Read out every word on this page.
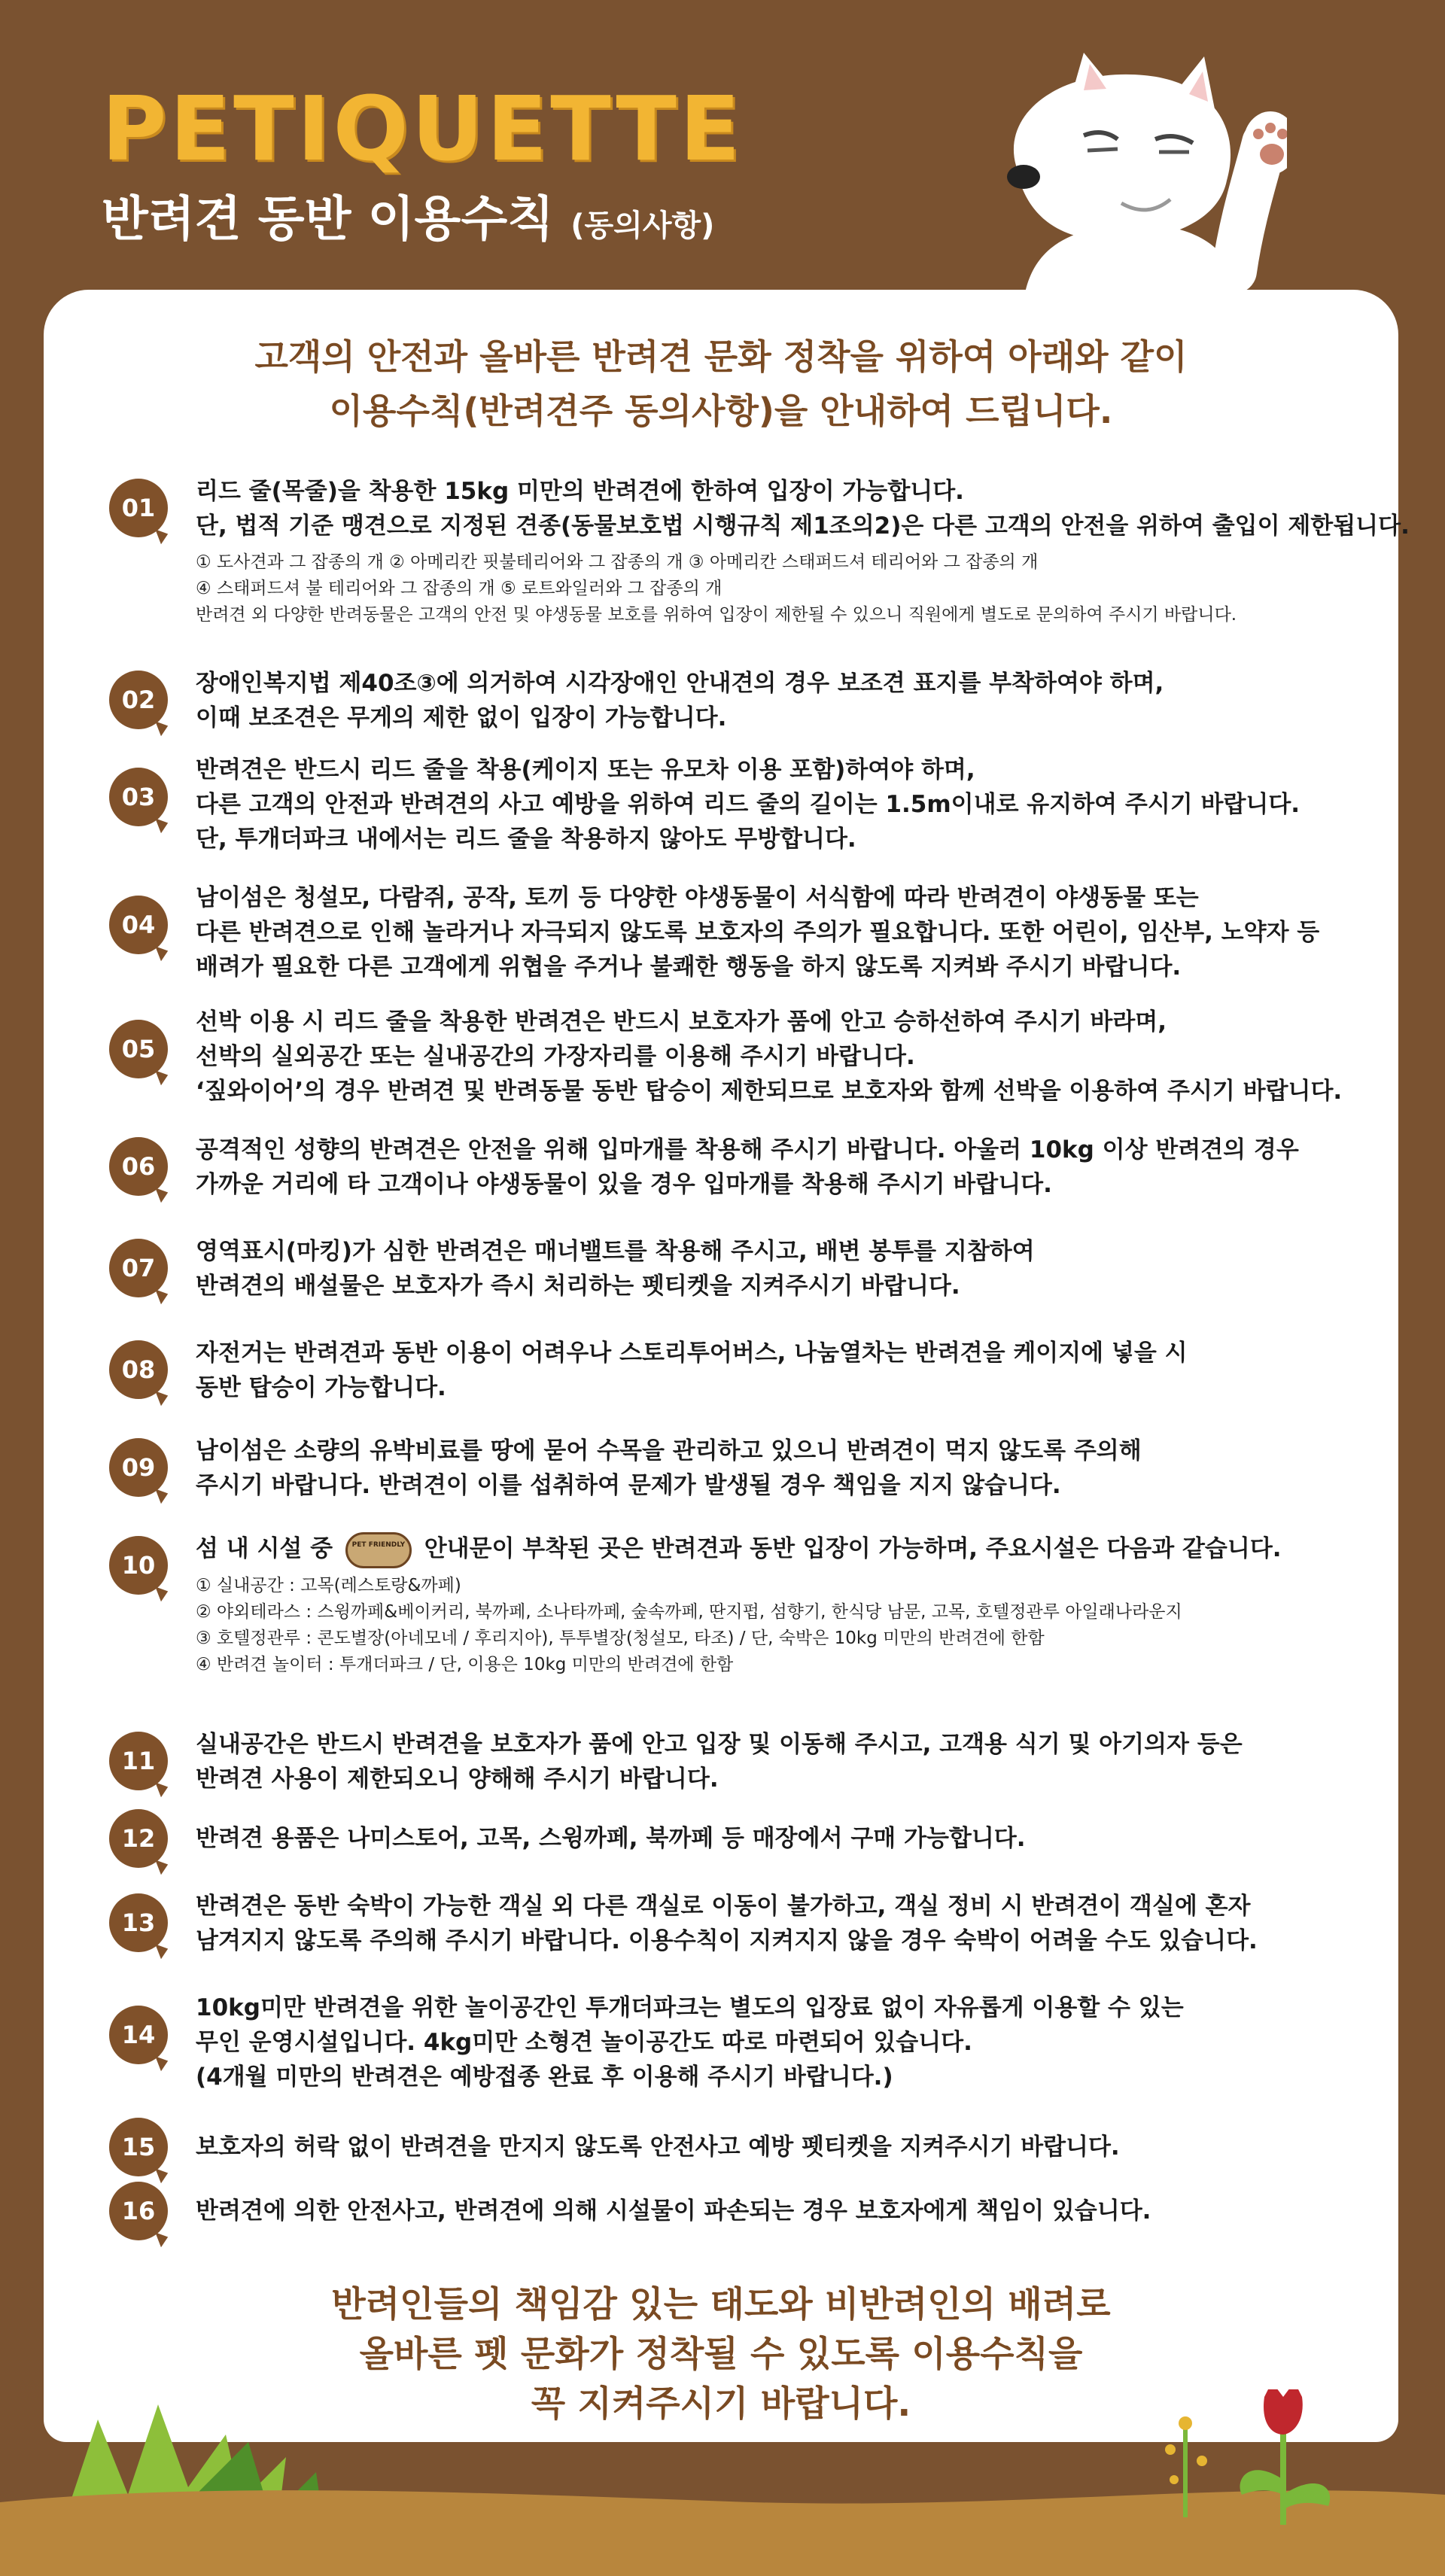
PETIQUETTE
반려견 동반 이용수칙 (동의사항)
고객의 안전과 올바른 반려견 문화 정착을 위하여 아래와 같이
이용수칙(반려견주 동의사항)을 안내하여 드립니다.
01
리드 줄(목줄)을 착용한 15kg 미만의 반려견에 한하여 입장이 가능합니다.
단, 법적 기준 맹견으로 지정된 견종(동물보호법 시행규칙 제1조의2)은 다른 고객의 안전을 위하여 출입이 제한됩니다.
① 도사견과 그 잡종의 개 ② 아메리칸 핏불테리어와 그 잡종의 개 ③ 아메리칸 스태퍼드셔 테리어와 그 잡종의 개
④ 스태퍼드셔 불 테리어와 그 잡종의 개 ⑤ 로트와일러와 그 잡종의 개
반려견 외 다양한 반려동물은 고객의 안전 및 야생동물 보호를 위하여 입장이 제한될 수 있으니 직원에게 별도로 문의하여 주시기 바랍니다.
02
장애인복지법 제40조③에 의거하여 시각장애인 안내견의 경우 보조견 표지를 부착하여야 하며,
이때 보조견은 무게의 제한 없이 입장이 가능합니다.
03
반려견은 반드시 리드 줄을 착용(케이지 또는 유모차 이용 포함)하여야 하며,
다른 고객의 안전과 반려견의 사고 예방을 위하여 리드 줄의 길이는 1.5m이내로 유지하여 주시기 바랍니다.
단, 투개더파크 내에서는 리드 줄을 착용하지 않아도 무방합니다.
04
남이섬은 청설모, 다람쥐, 공작, 토끼 등 다양한 야생동물이 서식함에 따라 반려견이 야생동물 또는
다른 반려견으로 인해 놀라거나 자극되지 않도록 보호자의 주의가 필요합니다. 또한 어린이, 임산부, 노약자 등
배려가 필요한 다른 고객에게 위협을 주거나 불쾌한 행동을 하지 않도록 지켜봐 주시기 바랍니다.
05
선박 이용 시 리드 줄을 착용한 반려견은 반드시 보호자가 품에 안고 승하선하여 주시기 바라며,
선박의 실외공간 또는 실내공간의 가장자리를 이용해 주시기 바랍니다.
‘짚와이어’의 경우 반려견 및 반려동물 동반 탑승이 제한되므로 보호자와 함께 선박을 이용하여 주시기 바랍니다.
06
공격적인 성향의 반려견은 안전을 위해 입마개를 착용해 주시기 바랍니다. 아울러 10kg 이상 반려견의 경우
가까운 거리에 타 고객이나 야생동물이 있을 경우 입마개를 착용해 주시기 바랍니다.
07
영역표시(마킹)가 심한 반려견은 매너밸트를 착용해 주시고, 배변 봉투를 지참하여
반려견의 배설물은 보호자가 즉시 처리하는 펫티켓을 지켜주시기 바랍니다.
08
자전거는 반려견과 동반 이용이 어려우나 스토리투어버스, 나눔열차는 반려견을 케이지에 넣을 시
동반 탑승이 가능합니다.
09
남이섬은 소량의 유박비료를 땅에 묻어 수목을 관리하고 있으니 반려견이 먹지 않도록 주의해
주시기 바랍니다. 반려견이 이를 섭취하여 문제가 발생될 경우 책임을 지지 않습니다.
10
섬 내 시설 중	PET FRIENDLY 안내문이 부착된 곳은 반려견과 동반 입장이 가능하며, 주요시설은 다음과 같습니다.
① 실내공간 : 고목(레스토랑&까페)
② 야외테라스 : 스윙까페&베이커리, 북까페, 소나타까페, 숲속까페, 딴지펍, 섬향기, 한식당 남문, 고목, 호텔정관루 아일래나라운지
③ 호텔정관루 : 콘도별장(아네모네 / 후리지아), 투투별장(청설모, 타조) / 단, 숙박은 10kg 미만의 반려견에 한함
④ 반려견 놀이터 : 투개더파크 / 단, 이용은 10kg 미만의 반려견에 한함
11
실내공간은 반드시 반려견을 보호자가 품에 안고 입장 및 이동해 주시고, 고객용 식기 및 아기의자 등은
반려견 사용이 제한되오니 양해해 주시기 바랍니다.
12	반려견 용품은 나미스토어, 고목, 스윙까페, 북까페 등 매장에서 구매 가능합니다.
13
반려견은 동반 숙박이 가능한 객실 외 다른 객실로 이동이 불가하고, 객실 정비 시 반려견이 객실에 혼자
남겨지지 않도록 주의해 주시기 바랍니다. 이용수칙이 지켜지지 않을 경우 숙박이 어려울 수도 있습니다.
14
10kg미만 반려견을 위한 놀이공간인 투개더파크는 별도의 입장료 없이 자유롭게 이용할 수 있는
무인 운영시설입니다. 4kg미만 소형견 놀이공간도 따로 마련되어 있습니다.
(4개월 미만의 반려견은 예방접종 완료 후 이용해 주시기 바랍니다.)
15	보호자의 허락 없이 반려견을 만지지 않도록 안전사고 예방 펫티켓을 지켜주시기 바랍니다.
16	반려견에 의한 안전사고, 반려견에 의해 시설물이 파손되는 경우 보호자에게 책임이 있습니다.
반려인들의 책임감 있는 태도와 비반려인의 배려로
올바른 펫 문화가 정착될 수 있도록 이용수칙을
꼭 지켜주시기 바랍니다.
